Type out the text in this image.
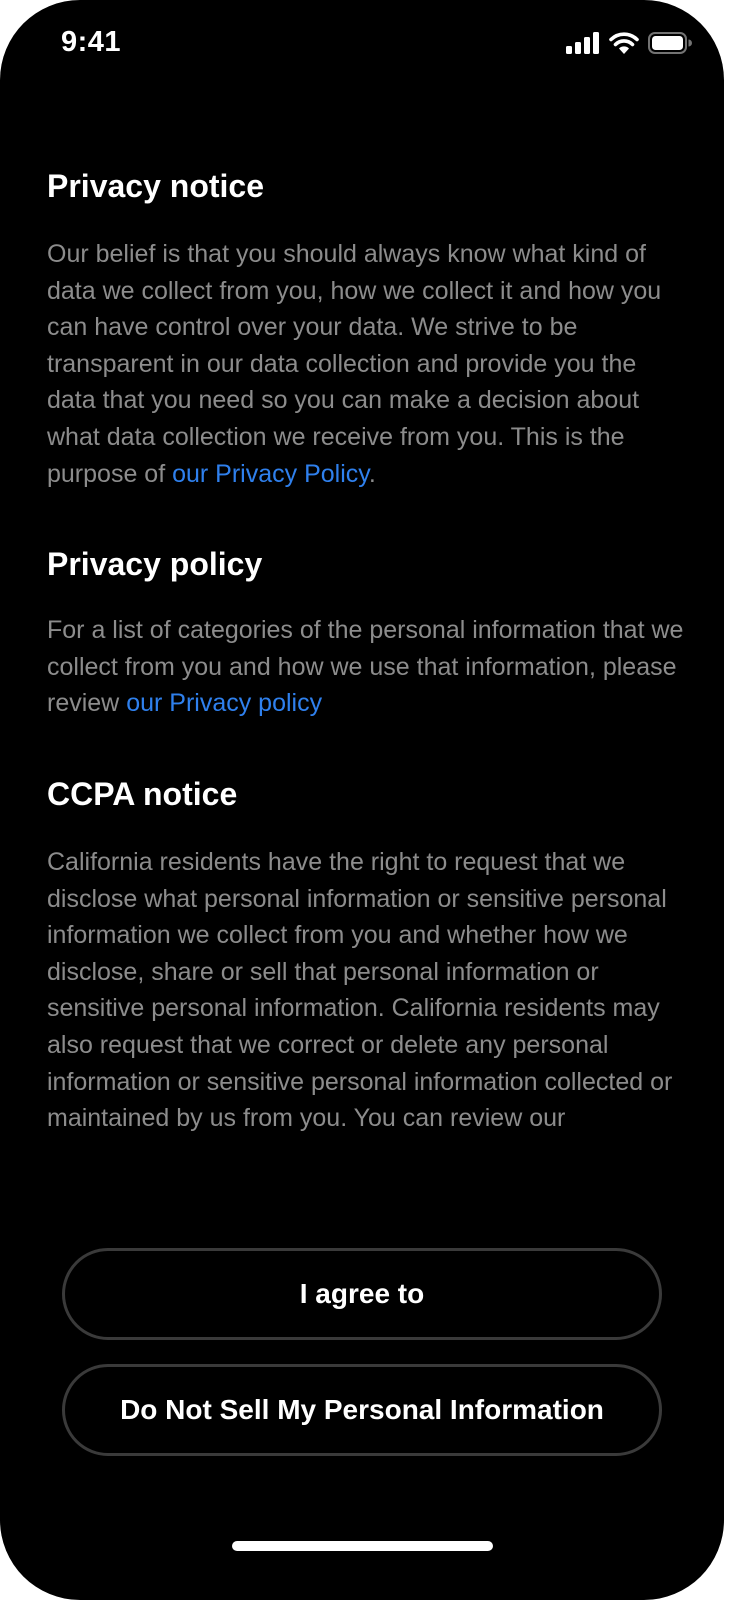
9:41
Privacy notice

Our belief is that you should always know what kind of data we collect from you, how we collect it and how you can have control over your data. We strive to be transparent in our data collection and provide you the data that you need so you can make a decision about what data collection we receive from you. This is the purpose of our Privacy Policy.

Privacy policy

For a list of categories of the personal information that we collect from you and how we use that information, please review our Privacy policy

CCPA notice

California residents have the right to request that we disclose what personal information or sensitive personal information we collect from you and whether how we disclose, share or sell that personal information or sensitive personal information. California residents may also request that we correct or delete any personal information or sensitive personal information collected or maintained by us from you. You can review our

I agree to
Do Not Sell My Personal Information
